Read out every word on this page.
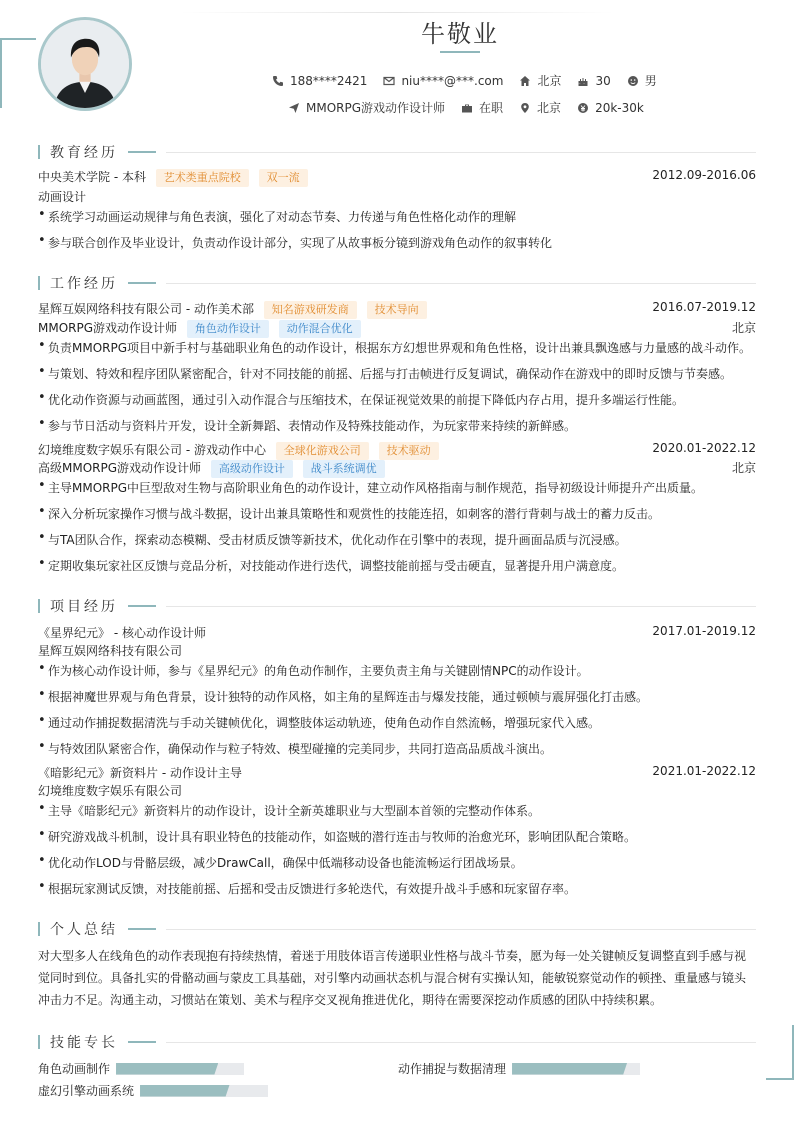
牛敬业
188****2421	niu****@***.com	北京	30	男
MMORPG游戏动作设计师	在职	北京	20k-30k
教育经历
中央美术学院 - 本科 艺术类重点院校 双一流	2012.09-2016.06
动画设计
• 系统学习动画运动规律与角色表演，强化了对动态节奏、力传递与角色性格化动作的理解
• 参与联合创作及毕业设计，负责动作设计部分，实现了从故事板分镜到游戏角色动作的叙事转化
工作经历
星辉互娱网络科技有限公司 - 动作美术部 知名游戏研发商 技术导向	2016.07-2019.12
MMORPG游戏动作设计师 角色动作设计 动作混合优化	北京
• 负责MMORPG项目中新手村与基础职业角色的动作设计，根据东方幻想世界观和角色性格，设计出兼具飘逸感与力量感的战斗动作。
• 与策划、特效和程序团队紧密配合，针对不同技能的前摇、后摇与打击帧进行反复调试，确保动作在游戏中的即时反馈与节奏感。
• 优化动作资源与动画蓝图，通过引入动作混合与压缩技术，在保证视觉效果的前提下降低内存占用，提升多端运行性能。
• 参与节日活动与资料片开发，设计全新舞蹈、表情动作及特殊技能动作，为玩家带来持续的新鲜感。
幻境维度数字娱乐有限公司 - 游戏动作中心 全球化游戏公司 技术驱动	2020.01-2022.12
高级MMORPG游戏动作设计师 高级动作设计 战斗系统调优	北京
• 主导MMORPG中巨型敌对生物与高阶职业角色的动作设计，建立动作风格指南与制作规范，指导初级设计师提升产出质量。
• 深入分析玩家操作习惯与战斗数据，设计出兼具策略性和观赏性的技能连招，如刺客的潜行背刺与战士的蓄力反击。
• 与TA团队合作，探索动态模糊、受击材质反馈等新技术，优化动作在引擎中的表现，提升画面品质与沉浸感。
• 定期收集玩家社区反馈与竞品分析，对技能动作进行迭代，调整技能前摇与受击硬直，显著提升用户满意度。
项目经历
《星界纪元》 - 核心动作设计师	2017.01-2019.12
星辉互娱网络科技有限公司
• 作为核心动作设计师，参与《星界纪元》的角色动作制作，主要负责主角与关键剧情NPC的动作设计。
• 根据神魔世界观与角色背景，设计独特的动作风格，如主角的星辉连击与爆发技能，通过顿帧与震屏强化打击感。
• 通过动作捕捉数据清洗与手动关键帧优化，调整肢体运动轨迹，使角色动作自然流畅，增强玩家代入感。
• 与特效团队紧密合作，确保动作与粒子特效、模型碰撞的完美同步，共同打造高品质战斗演出。
《暗影纪元》新资料片 - 动作设计主导	2021.01-2022.12
幻境维度数字娱乐有限公司
• 主导《暗影纪元》新资料片的动作设计，设计全新英雄职业与大型副本首领的完整动作体系。
• 研究游戏战斗机制，设计具有职业特色的技能动作，如盗贼的潜行连击与牧师的治愈光环，影响团队配合策略。
• 优化动作LOD与骨骼层级，减少DrawCall，确保中低端移动设备也能流畅运行团战场景。
• 根据玩家测试反馈，对技能前摇、后摇和受击反馈进行多轮迭代，有效提升战斗手感和玩家留存率。
个人总结
对大型多人在线角色的动作表现抱有持续热情，着迷于用肢体语言传递职业性格与战斗节奏，愿为每一处关键帧反复调整直到手感与视觉同时到位。具备扎实的骨骼动画与蒙皮工具基础，对引擎内动画状态机与混合树有实操认知，能敏锐察觉动作的顿挫、重量感与镜头冲击力不足。沟通主动，习惯站在策划、美术与程序交叉视角推进优化，期待在需要深挖动作质感的团队中持续积累。
技能专长
角色动画制作	动作捕捉与数据清理
虚幻引擎动画系统
